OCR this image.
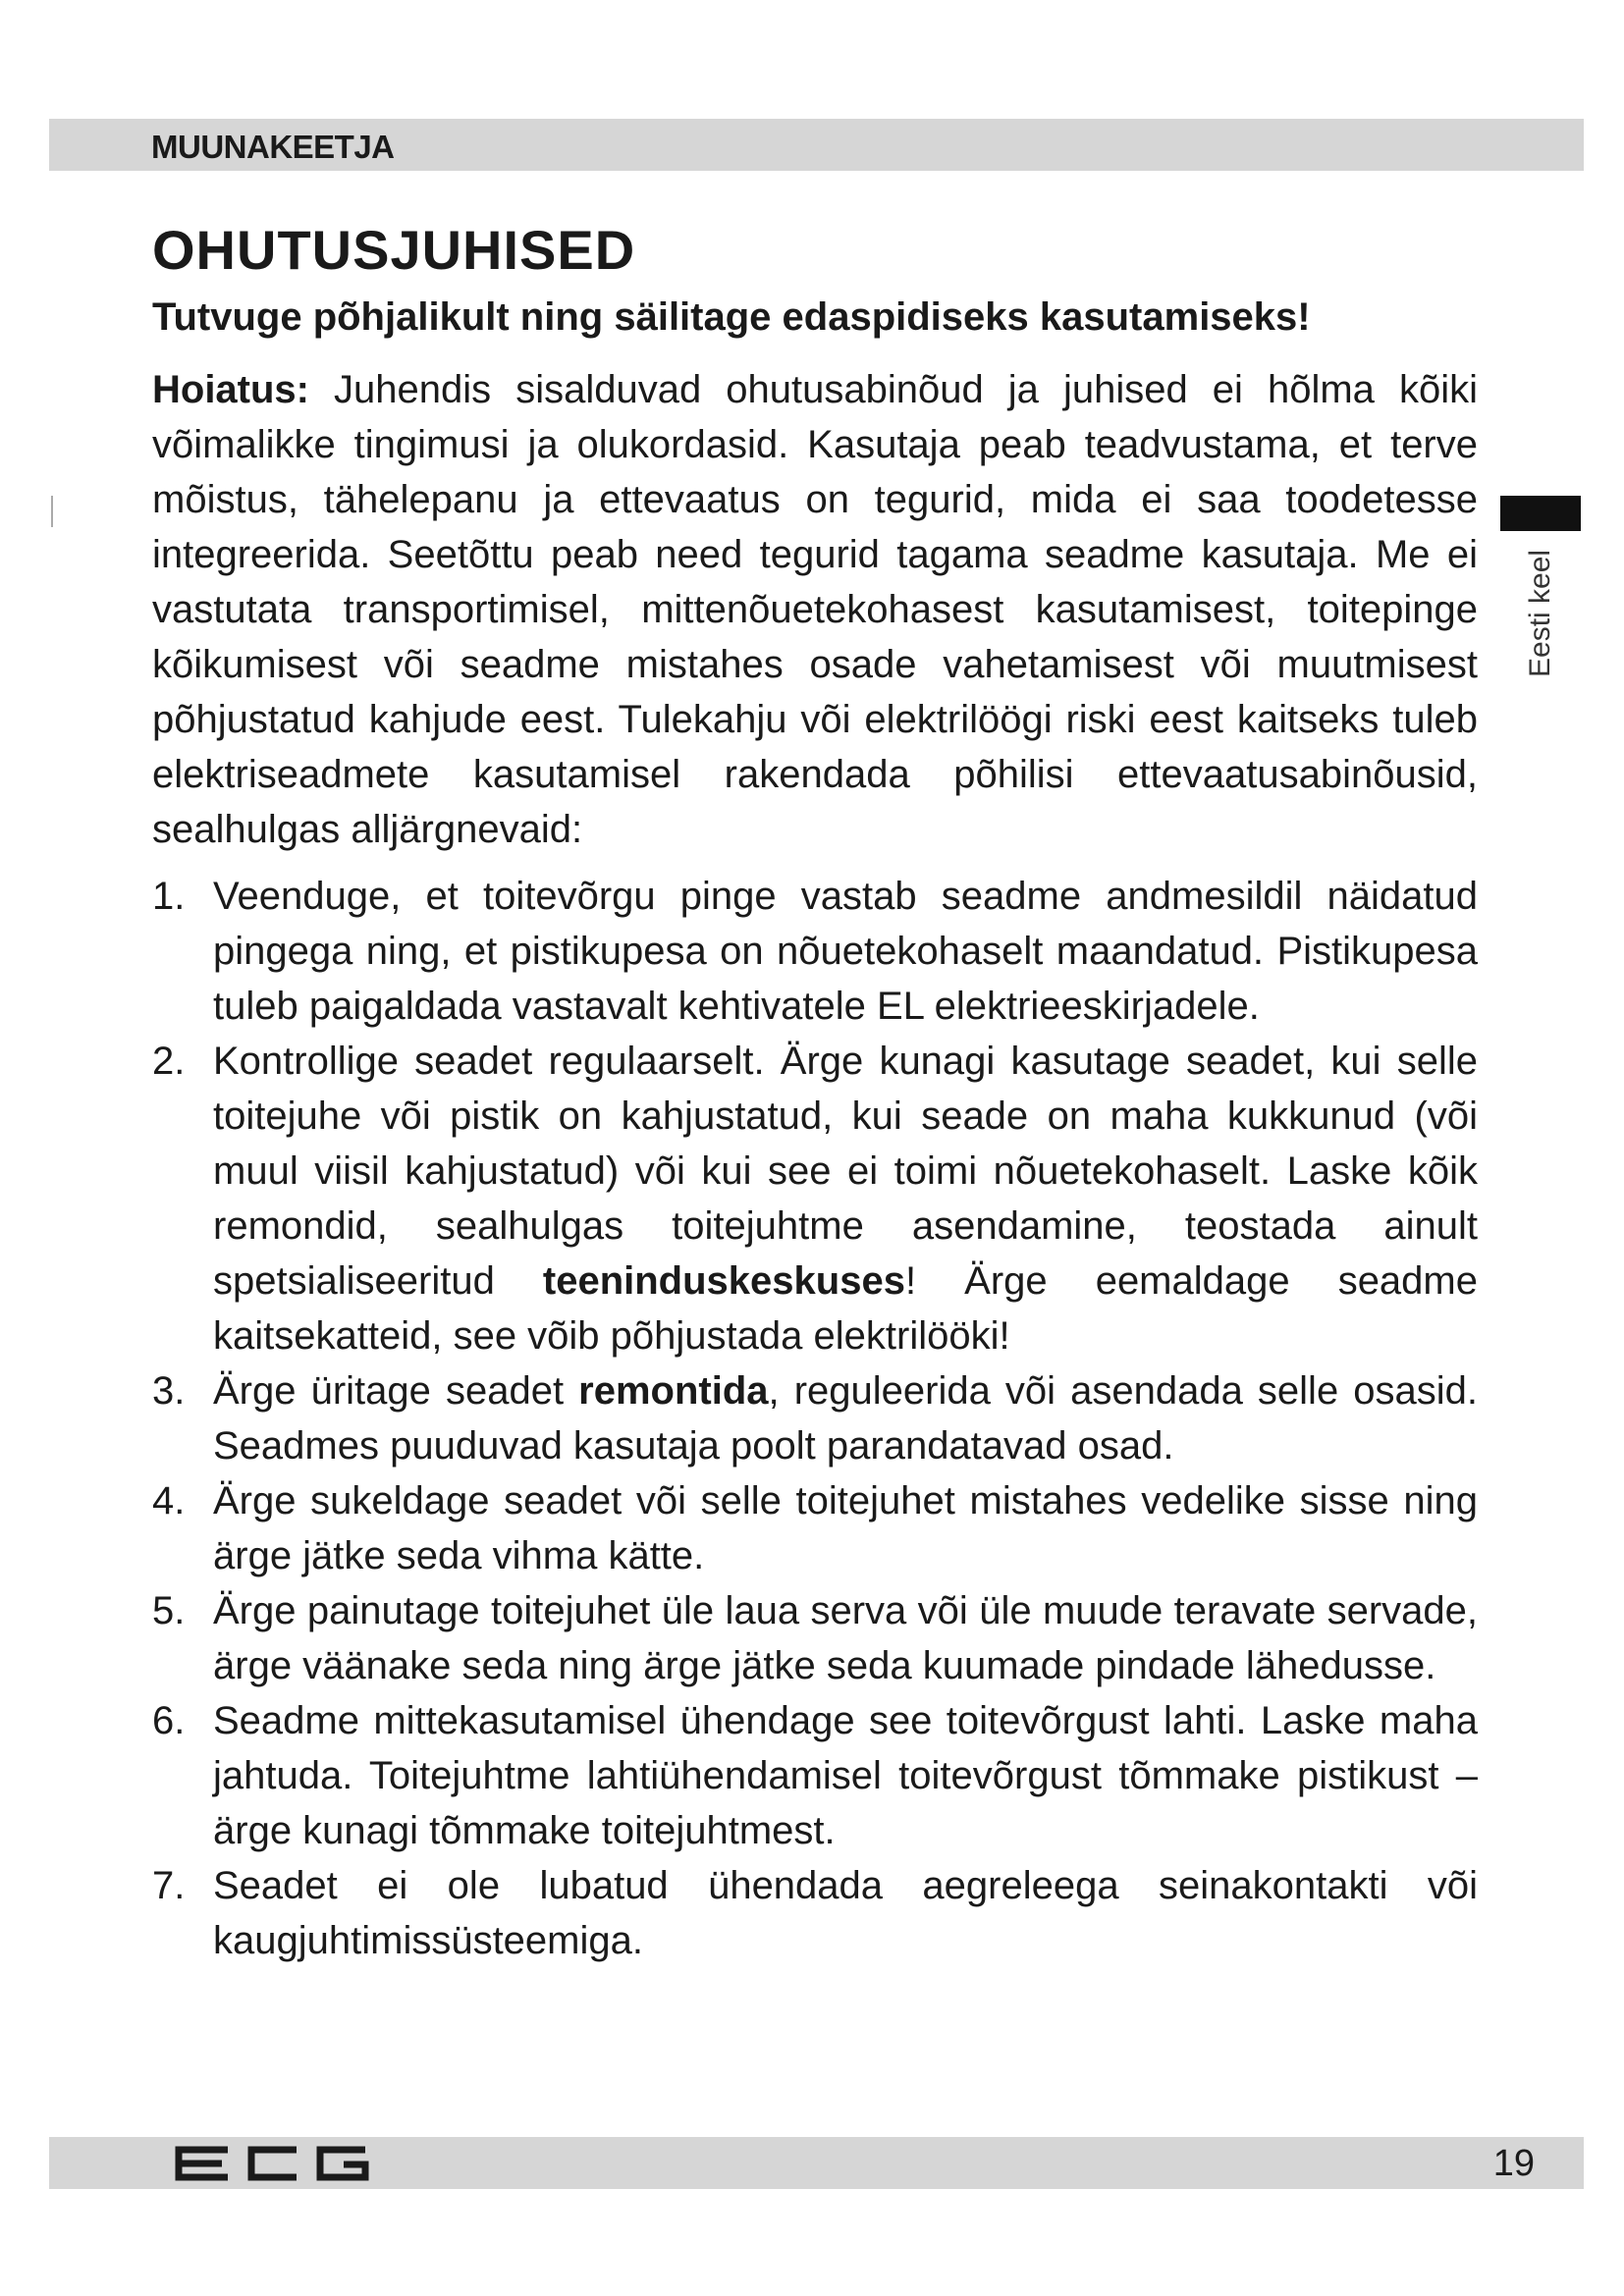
MUUNAKEETJA
OHUTUSJUHISED

Tutvuge põhjalikult ning säilitage edaspidiseks kasutamiseks!

Hoiatus: Juhendis sisalduvad ohutusabinõud ja juhised ei hõlma kõiki võimalikke tingimusi ja olukordasid. Kasutaja peab teadvustama, et terve mõistus, tähelepanu ja ettevaatus on tegurid, mida ei saa toodetesse integreerida. Seetõttu peab need tegurid tagama seadme kasutaja. Me ei vastutata transportimisel, mittenõuetekohasest kasutamisest, toitepinge kõikumisest või seadme mistahes osade vahetamisest või muutmisest põhjustatud kahjude eest. Tulekahju või elektrilöögi riski eest kaitseks tuleb elektriseadmete kasutamisel rakendada põhilisi ettevaatusabinõusid, sealhulgas alljärgnevaid:

1. Veenduge, et toitevõrgu pinge vastab seadme andmesildil näidatud pingega ning, et pistikupesa on nõuetekohaselt maandatud. Pistikupesa tuleb paigaldada vastavalt kehtivatele EL elektrieeskirjadele.
2. Kontrollige seadet regulaarselt. Ärge kunagi kasutage seadet, kui selle toitejuhe või pistik on kahjustatud, kui seade on maha kukkunud (või muul viisil kahjustatud) või kui see ei toimi nõuetekohaselt. Laske kõik remondid, sealhulgas toitejuhtme asendamine, teostada ainult spetsialiseeritud teeninduskeskuses! Ärge eemaldage seadme kaitsekatteid, see võib põhjustada elektrilööki!
3. Ärge üritage seadet remontida, reguleerida või asendada selle osasid. Seadmes puuduvad kasutaja poolt parandatavad osad.
4. Ärge sukeldage seadet või selle toitejuhet mistahes vedelike sisse ning ärge jätke seda vihma kätte.
5. Ärge painutage toitejuhet üle laua serva või üle muude teravate servade, ärge väänake seda ning ärge jätke seda kuumade pindade lähedusse.
6. Seadme mittekasutamisel ühendage see toitevõrgust lahti. Laske maha jahtuda. Toitejuhtme lahtiühendamisel toitevõrgust tõmmake pistikust – ärge kunagi tõmmake toitejuhtmest.
7. Seadet ei ole lubatud ühendada aegreleega seinakontakti või kaugjuhtimissüsteemiga.
Eesti keel
19
